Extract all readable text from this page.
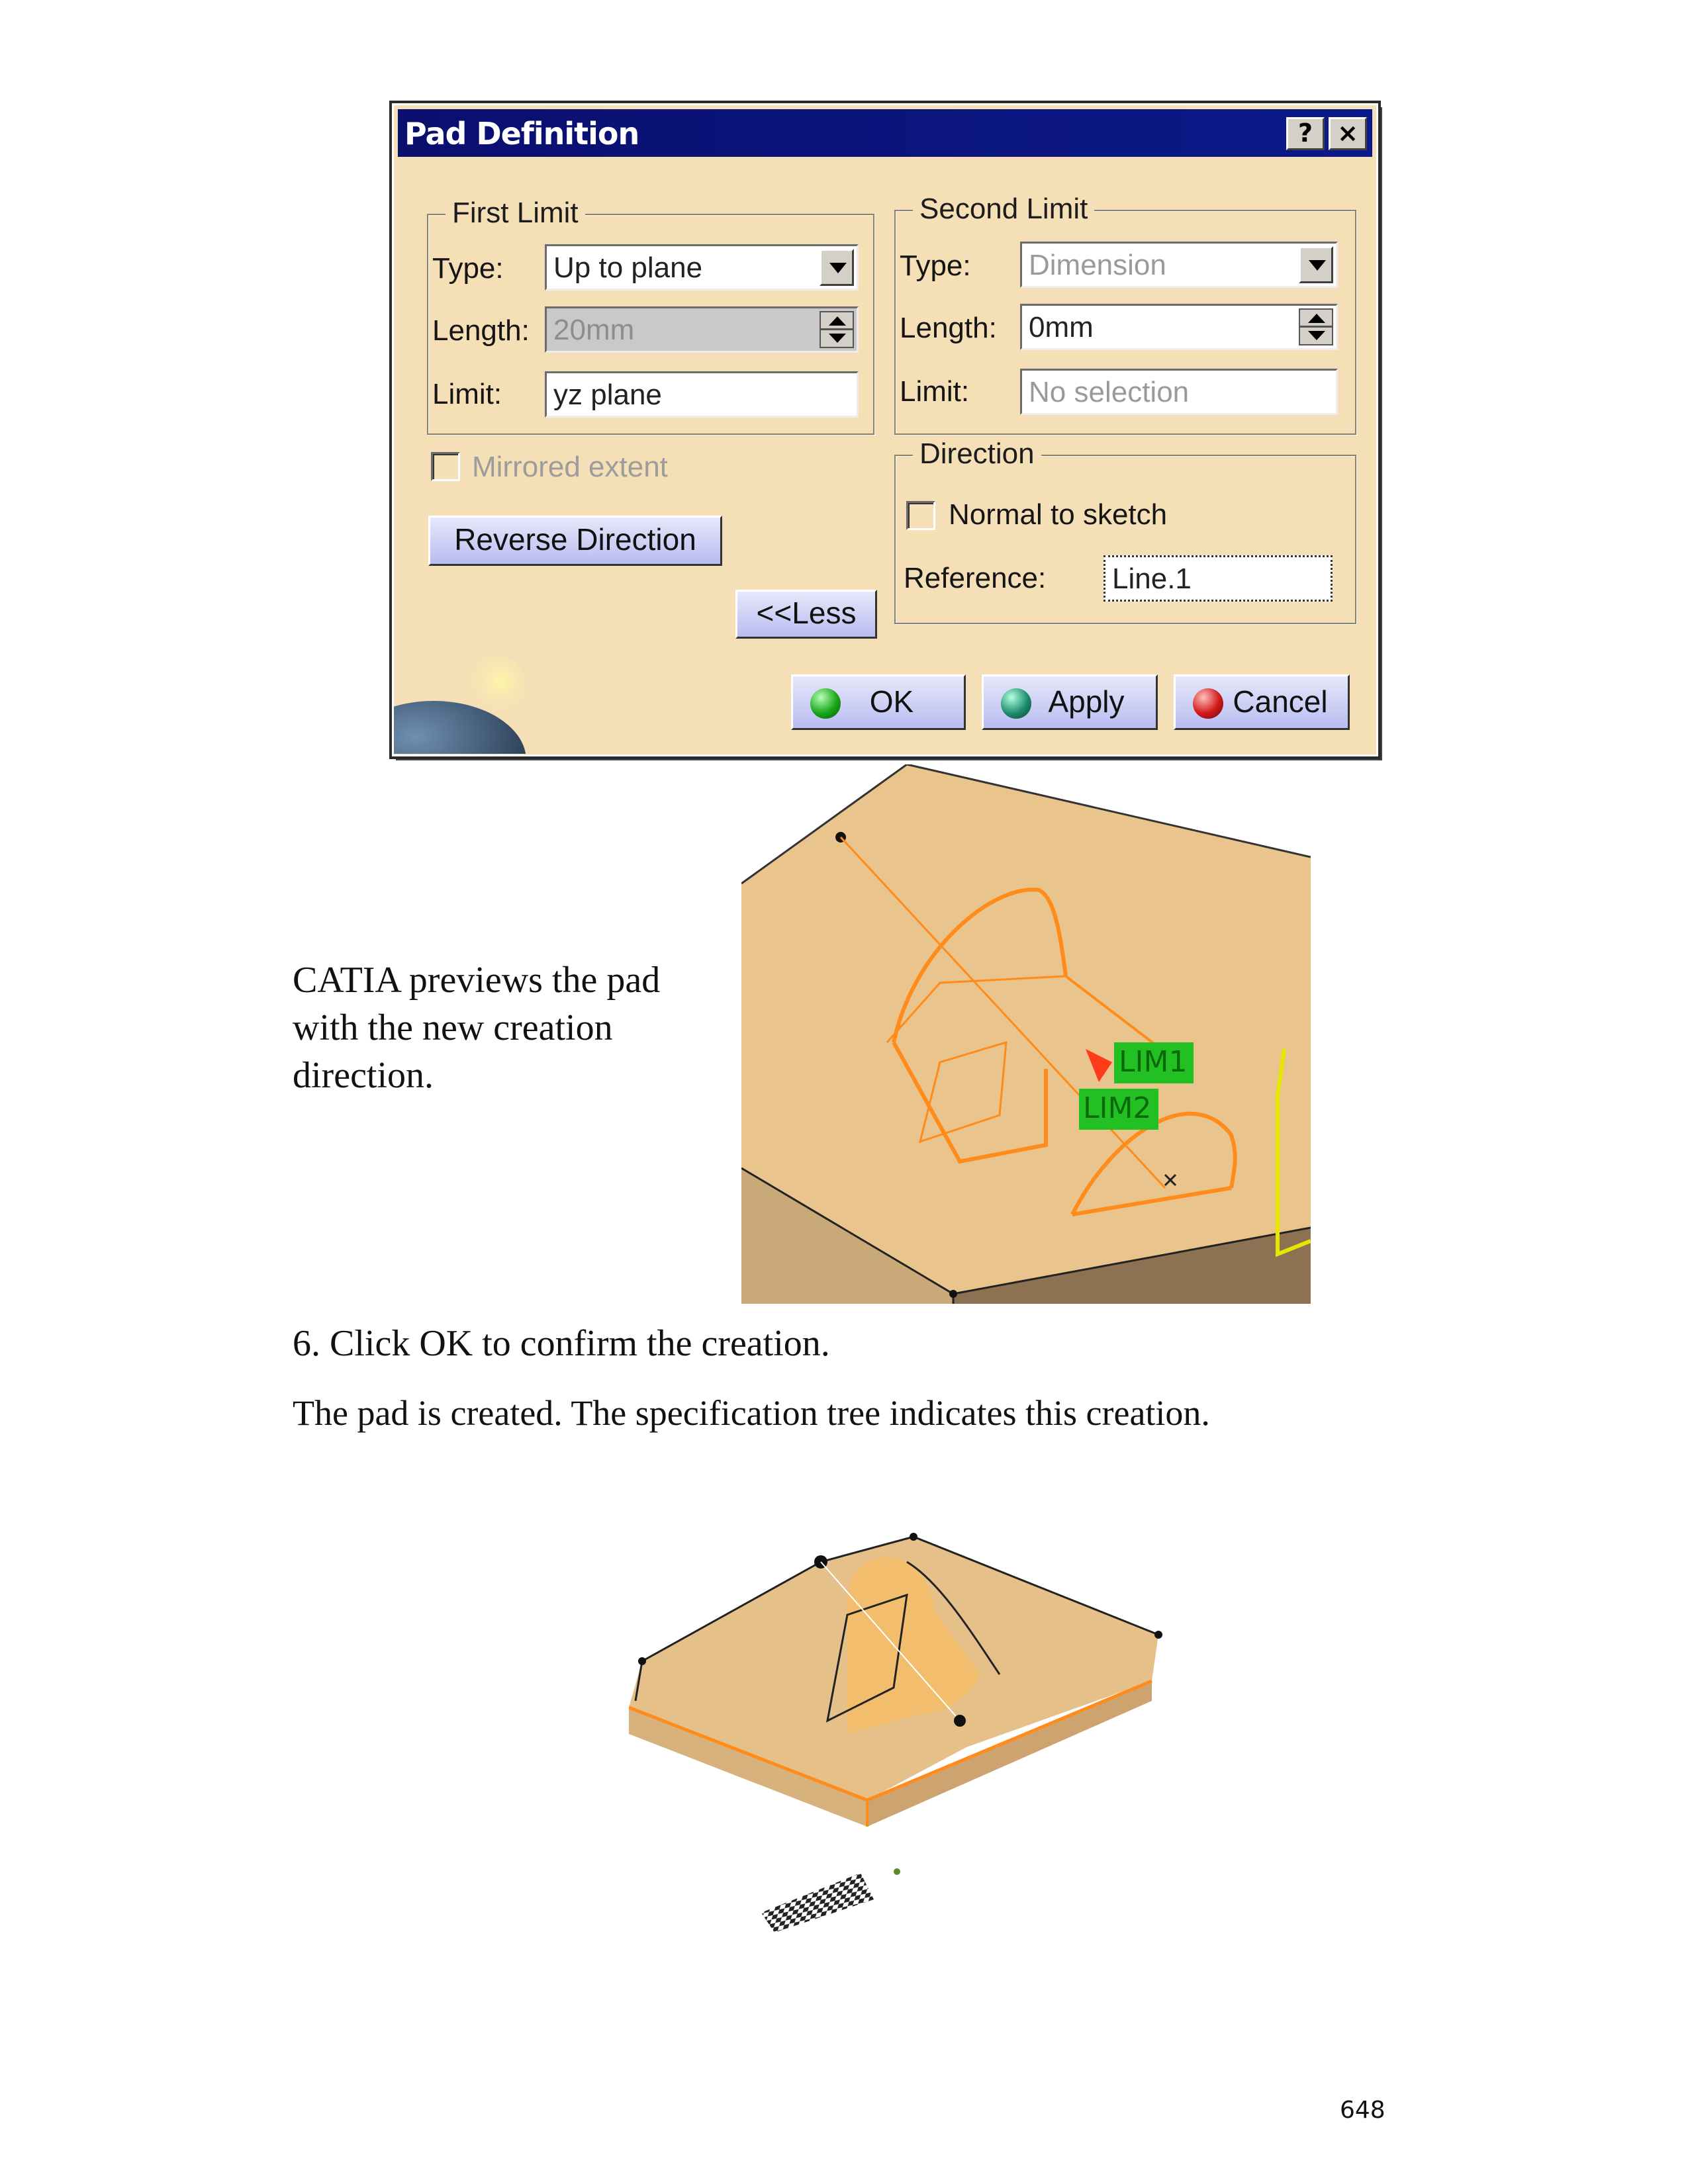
Pad Definition	? ×
First Limit
Type: Up to plane
Length: 20mm
Limit: yz plane
Mirrored extent
Reverse Direction
<<Less
Second Limit
Type: Dimension
Length: 0mm
Limit: No selection
Direction
Normal to sketch
Reference: Line.1
OK	Apply	Cancel
LIM1
LIM2
CATIA previews the pad with the new creation direction.
6. Click OK to confirm the creation.
The pad is created. The specification tree indicates this creation.
648
